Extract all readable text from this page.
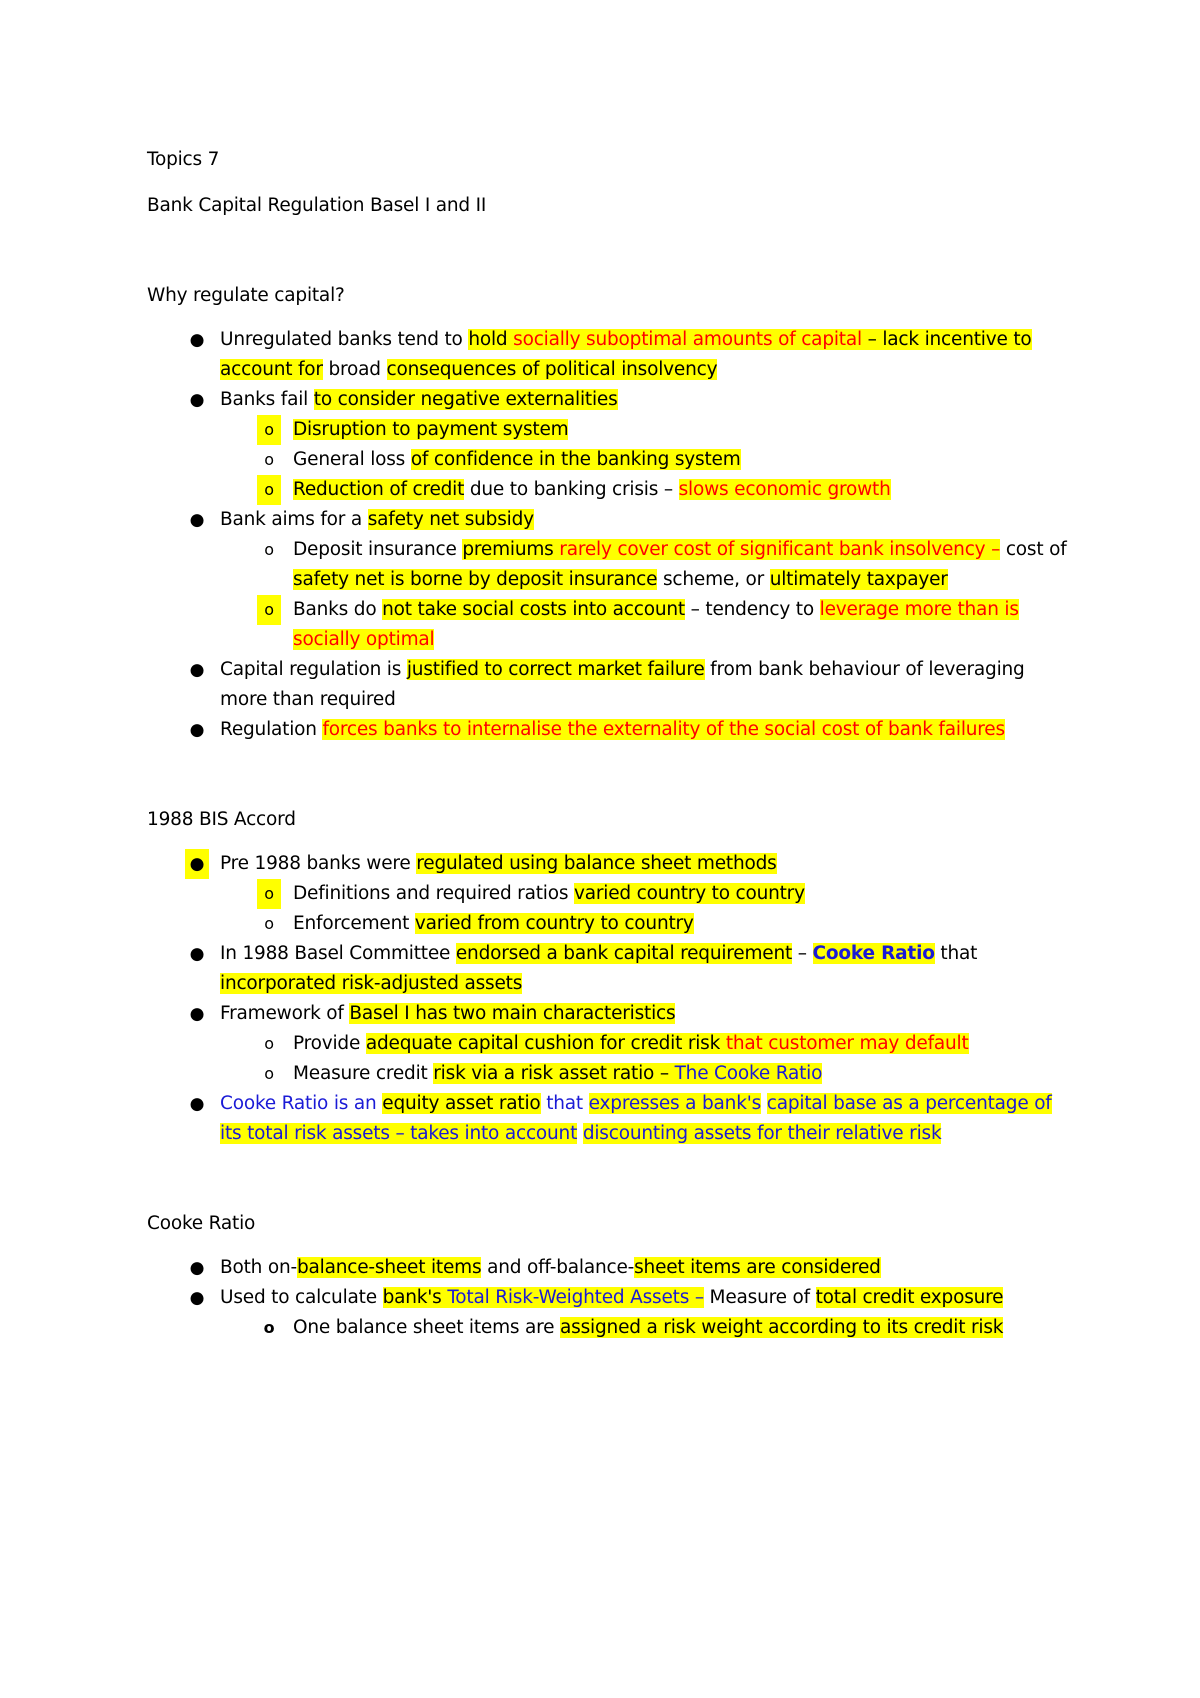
Topics 7

Bank Capital Regulation Basel I and II

Why regulate capital?

● Unregulated banks tend to hold socially suboptimal amounts of capital – lack incentive to account for broad consequences of political insolvency
● Banks fail to consider negative externalities
o	Disruption to payment system
o	General loss of confidence in the banking system
o	Reduction of credit due to banking crisis – slows economic growth
● Bank aims for a safety net subsidy
o	Deposit insurance premiums rarely cover cost of significant bank insolvency – cost of safety net is borne by deposit insurance scheme, or ultimately taxpayer
o	Banks do not take social costs into account – tendency to leverage more than is socially optimal
● Capital regulation is justified to correct market failure from bank behaviour of leveraging more than required
● Regulation forces banks to internalise the externality of the social cost of bank failures

1988 BIS Accord

● Pre 1988 banks were regulated using balance sheet methods
o	Definitions and required ratios varied country to country
o	Enforcement varied from country to country
● In 1988 Basel Committee endorsed a bank capital requirement – Cooke Ratio that incorporated risk-adjusted assets
● Framework of Basel I has two main characteristics
o	Provide adequate capital cushion for credit risk that customer may default
o	Measure credit risk via a risk asset ratio – The Cooke Ratio
● Cooke Ratio is an equity asset ratio that expresses a bank's capital base as a percentage of its total risk assets – takes into account discounting assets for their relative risk

Cooke Ratio

● Both on-balance-sheet items and off-balance-sheet items are considered
● Used to calculate bank's Total Risk-Weighted Assets – Measure of total credit exposure
o	One balance sheet items are assigned a risk weight according to its credit risk
